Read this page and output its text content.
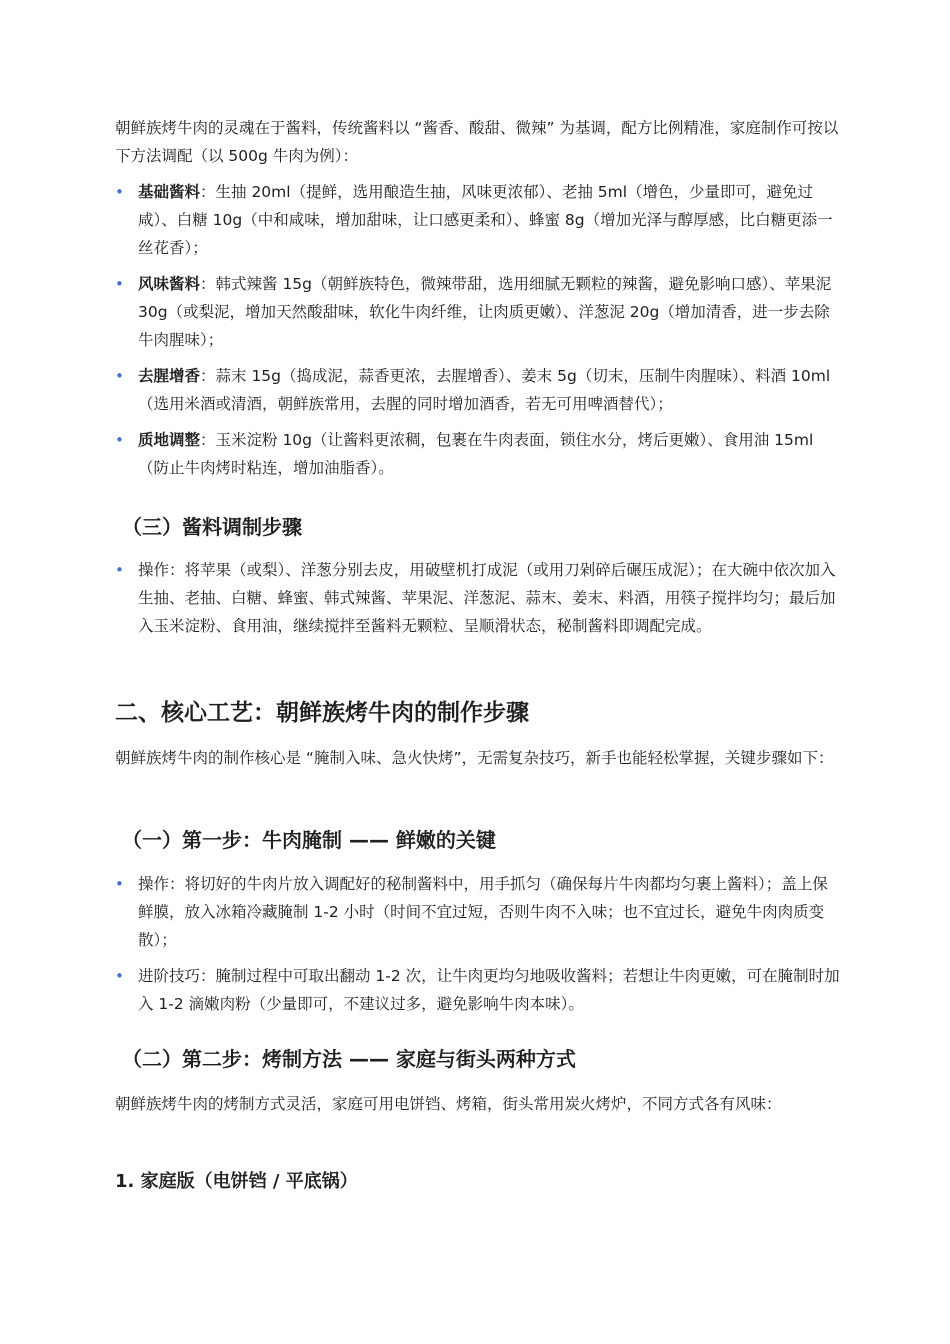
朝鲜族烤牛肉的灵魂在于酱料，传统酱料以 “酱香、酸甜、微辣” 为基调，配方比例精准，家庭制作可按以下方法调配（以 500g 牛肉为例）：

• 基础酱料：生抽 20ml（提鲜，选用酿造生抽，风味更浓郁）、老抽 5ml（增色，少量即可，避免过咸）、白糖 10g（中和咸味，增加甜味，让口感更柔和）、蜂蜜 8g（增加光泽与醇厚感，比白糖更添一丝花香）；
• 风味酱料：韩式辣酱 15g（朝鲜族特色，微辣带甜，选用细腻无颗粒的辣酱，避免影响口感）、苹果泥 30g（或梨泥，增加天然酸甜味，软化牛肉纤维，让肉质更嫩）、洋葱泥 20g（增加清香，进一步去除牛肉腥味）；
• 去腥增香：蒜末 15g（捣成泥，蒜香更浓，去腥增香）、姜末 5g（切末，压制牛肉腥味）、料酒 10ml（选用米酒或清酒，朝鲜族常用，去腥的同时增加酒香，若无可用啤酒替代）；
• 质地调整：玉米淀粉 10g（让酱料更浓稠，包裹在牛肉表面，锁住水分，烤后更嫩）、食用油 15ml（防止牛肉烤时粘连，增加油脂香）。
（三）酱料调制步骤
• 操作：将苹果（或梨）、洋葱分别去皮，用破壁机打成泥（或用刀剁碎后碾压成泥）；在大碗中依次加入生抽、老抽、白糖、蜂蜜、韩式辣酱、苹果泥、洋葱泥、蒜末、姜末、料酒，用筷子搅拌均匀；最后加入玉米淀粉、食用油，继续搅拌至酱料无颗粒、呈顺滑状态，秘制酱料即调配完成。
二、核心工艺：朝鲜族烤牛肉的制作步骤

朝鲜族烤牛肉的制作核心是 “腌制入味、急火快烤”，无需复杂技巧，新手也能轻松掌握，关键步骤如下：

（一）第一步：牛肉腌制 —— 鲜嫩的关键
• 操作：将切好的牛肉片放入调配好的秘制酱料中，用手抓匀（确保每片牛肉都均匀裹上酱料）；盖上保鲜膜，放入冰箱冷藏腌制 1-2 小时（时间不宜过短，否则牛肉不入味；也不宜过长，避免牛肉肉质变散）；
• 进阶技巧：腌制过程中可取出翻动 1-2 次，让牛肉更均匀地吸收酱料；若想让牛肉更嫩，可在腌制时加入 1-2 滴嫩肉粉（少量即可，不建议过多，避免影响牛肉本味）。
（二）第二步：烤制方法 —— 家庭与街头两种方式

朝鲜族烤牛肉的烤制方式灵活，家庭可用电饼铛、烤箱，街头常用炭火烤炉，不同方式各有风味：

1. 家庭版（电饼铛 / 平底锅）
